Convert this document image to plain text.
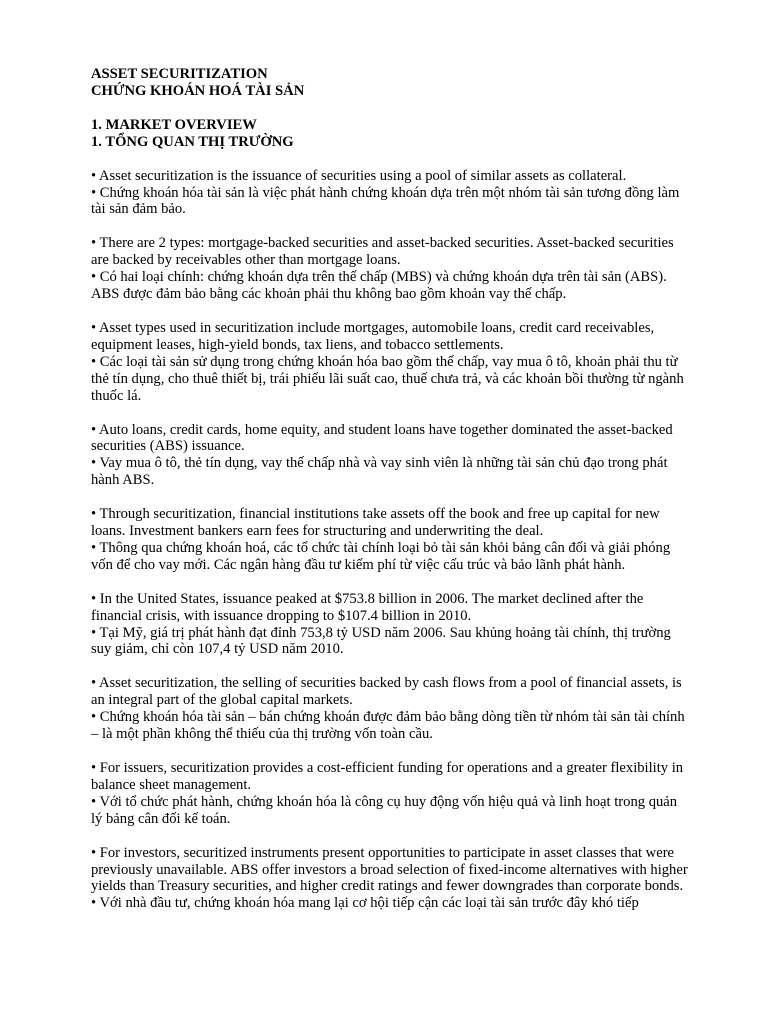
ASSET SECURITIZATION

CHỨNG KHOÁN HOÁ TÀI SẢN

1. MARKET OVERVIEW

1. TỔNG QUAN THỊ TRƯỜNG

• Asset securitization is the issuance of securities using a pool of similar assets as collateral.
• Chứng khoán hóa tài sản là việc phát hành chứng khoán dựa trên một nhóm tài sản tương đồng làm tài sản đảm bảo.
• There are 2 types: mortgage-backed securities and asset-backed securities. Asset-backed securities are backed by receivables other than mortgage loans.
• Có hai loại chính: chứng khoán dựa trên thế chấp (MBS) và chứng khoán dựa trên tài sản (ABS). ABS được đảm bảo bằng các khoản phải thu không bao gồm khoản vay thế chấp.
• Asset types used in securitization include mortgages, automobile loans, credit card receivables, equipment leases, high-yield bonds, tax liens, and tobacco settlements.
• Các loại tài sản sử dụng trong chứng khoán hóa bao gồm thế chấp, vay mua ô tô, khoản phải thu từ thẻ tín dụng, cho thuê thiết bị, trái phiếu lãi suất cao, thuế chưa trả, và các khoản bồi thường từ ngành thuốc lá.
• Auto loans, credit cards, home equity, and student loans have together dominated the asset-backed securities (ABS) issuance.
• Vay mua ô tô, thẻ tín dụng, vay thế chấp nhà và vay sinh viên là những tài sản chủ đạo trong phát hành ABS.
• Through securitization, financial institutions take assets off the book and free up capital for new loans. Investment bankers earn fees for structuring and underwriting the deal.
• Thông qua chứng khoán hoá, các tổ chức tài chính loại bỏ tài sản khỏi bảng cân đối và giải phóng vốn để cho vay mới. Các ngân hàng đầu tư kiếm phí từ việc cấu trúc và bảo lãnh phát hành.
• In the United States, issuance peaked at $753.8 billion in 2006. The market declined after the financial crisis, with issuance dropping to $107.4 billion in 2010.
• Tại Mỹ, giá trị phát hành đạt đỉnh 753,8 tỷ USD năm 2006. Sau khủng hoảng tài chính, thị trường suy giảm, chỉ còn 107,4 tỷ USD năm 2010.
• Asset securitization, the selling of securities backed by cash flows from a pool of financial assets, is an integral part of the global capital markets.
• Chứng khoán hóa tài sản – bán chứng khoán được đảm bảo bằng dòng tiền từ nhóm tài sản tài chính – là một phần không thể thiếu của thị trường vốn toàn cầu.
• For issuers, securitization provides a cost-efficient funding for operations and a greater flexibility in balance sheet management.
• Với tổ chức phát hành, chứng khoán hóa là công cụ huy động vốn hiệu quả và linh hoạt trong quản lý bảng cân đối kế toán.
• For investors, securitized instruments present opportunities to participate in asset classes that were previously unavailable. ABS offer investors a broad selection of fixed-income alternatives with higher yields than Treasury securities, and higher credit ratings and fewer downgrades than corporate bonds.
• Với nhà đầu tư, chứng khoán hóa mang lại cơ hội tiếp cận các loại tài sản trước đây khó tiếp
